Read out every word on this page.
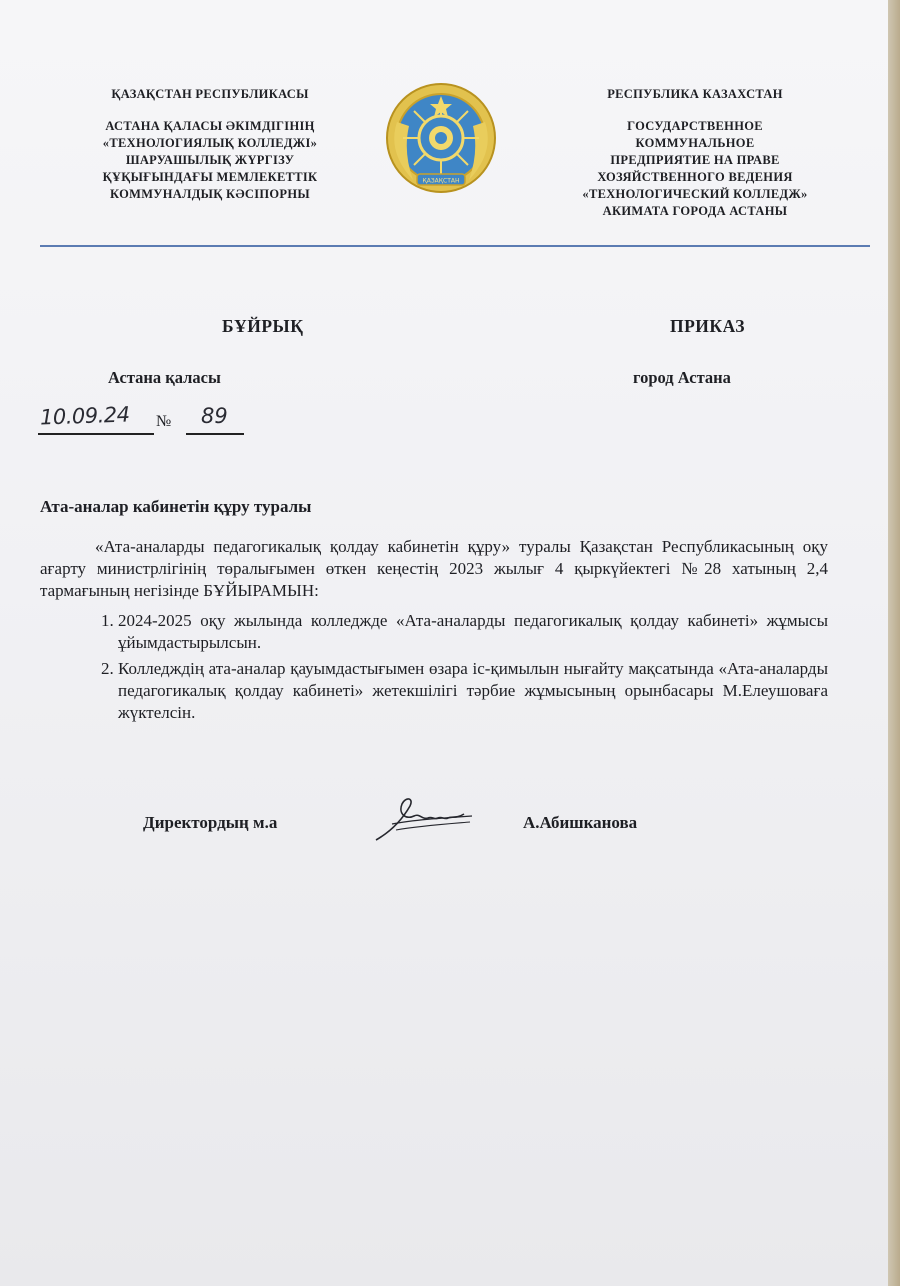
ҚАЗАҚСТАН РЕСПУБЛИКАСЫ
АСТАНА ҚАЛАСЫ ӘКІМДІГІНІҢ
«ТЕХНОЛОГИЯЛЫҚ КОЛЛЕДЖІ»
ШАРУАШЫЛЫҚ ЖҮРГІЗУ
ҚҰҚЫҒЫНДАҒЫ МЕМЛЕКЕТТІК
КОММУНАЛДЫҚ КӘСІПОРНЫ
ҚАЗАҚСТАН
РЕСПУБЛИКА КАЗАХСТАН
ГОСУДАРСТВЕННОЕ
КОММУНАЛЬНОЕ
ПРЕДПРИЯТИЕ НА ПРАВЕ
ХОЗЯЙСТВЕННОГО ВЕДЕНИЯ
«ТЕХНОЛОГИЧЕСКИЙ КОЛЛЕДЖ»
АКИМАТА ГОРОДА АСТАНЫ
БҰЙРЫҚ	ПРИКАЗ
Астана қаласы	город Астана
10.09.24 № 89
Ата-аналар кабинетін құру туралы

«Ата-аналарды педагогикалық қолдау кабинетін құру» туралы Қазақстан Республикасының оқу ағарту министрлігінің төралығымен өткен кеңестің 2023 жылығ 4 қыркүйектегі №28 хатының 2,4 тармағының негізінде БҰЙЫРАМЫН:

1. 2024-2025 оқу жылында колледжде «Ата-аналарды педагогикалық қолдау кабинеті» жұмысы ұйымдастырылсын.
2. Колледждің ата-аналар қауымдастығымен өзара іс-қимылын нығайту мақсатында «Ата-аналарды педагогикалық қолдау кабинеті» жетекшілігі тәрбие жұмысының орынбасары М.Елеушоваға жүктелсін.
Директордың м.а	А.Абишканова
